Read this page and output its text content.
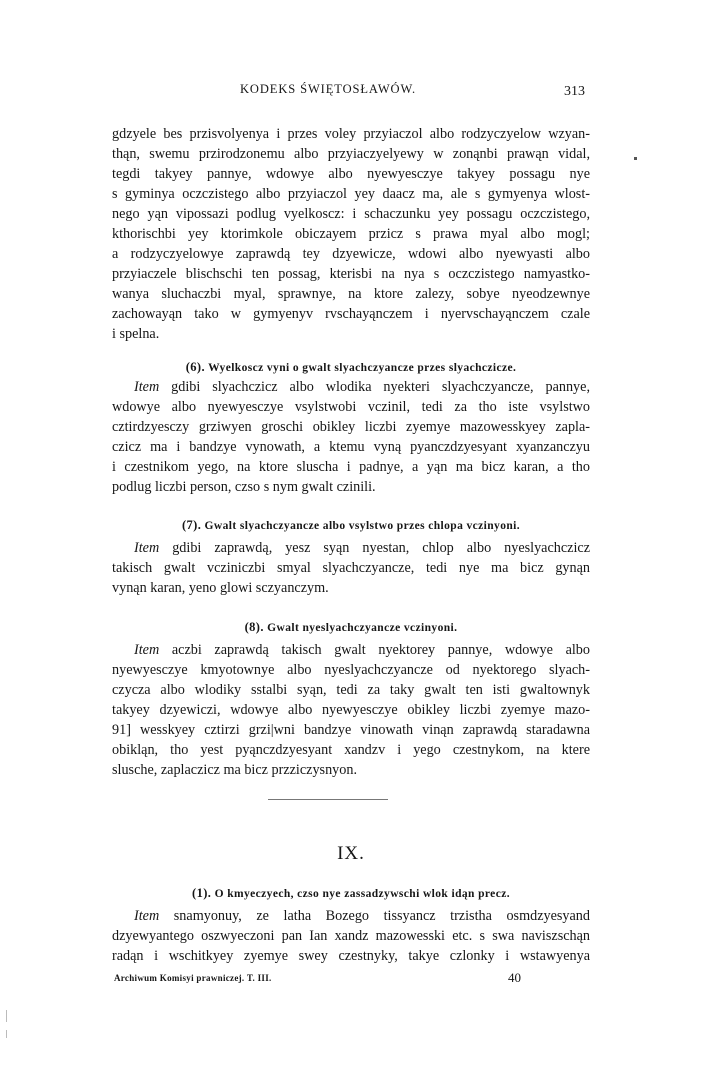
KODEKS ŚWIĘTOSŁAWÓW.	313
gdzyele bes przisvolyenya i przes voley przyiaczol albo rodzyczyelow wzyan-
thąn, swemu przirodzonemu albo przyiaczyelyewy w zonąnbi prawąn vidal,
tegdi takyey pannye, wdowye albo nyewyesczye takyey possagu nye
s gyminya oczczistego albo przyiaczol yey daacz ma, ale s gymyenya wlost-
nego yąn vipossazi podlug vyelkoscz: i schaczunku yey possagu oczczistego,
kthorischbi yey ktorimkole obiczayem przicz s prawa myal albo mogl;
a rodzyczyelowye zaprawdą tey dzyewicze, wdowi albo nyewyasti albo
przyiaczele blischschi ten possag, kterisbi na nya s oczczistego namyastko-
wanya sluchaczbi myal, sprawnye, na ktore zalezy, sobye nyeodzewnye
zachowayąn tako w gymyenyv rvschayąnczem i nyervschayąnczem czale
i spelna.
(6). Wyelkoscz vyni o gwalt slyachczyancze przes slyachczicze.
Item gdibi slyachczicz albo wlodika nyekteri slyachczyancze, pannye,
wdowye albo nyewyesczye vsylstwobi vczinil, tedi za tho iste vsylstwo
cztirdzyesczy grziwyen groschi obikley liczbi zyemye mazowesskyey zapla-
czicz ma i bandzye vynowath, a ktemu vyną pyanczdzyesyant xyanzanczyu
i czestnikom yego, na ktore sluscha i padnye, a yąn ma bicz karan, a tho
podlug liczbi person, czso s nym gwalt czinili.
(7). Gwalt slyachczyancze albo vsylstwo przes chlopa vczinyoni.
Item gdibi zaprawdą, yesz syąn nyestan, chlop albo nyeslyachczicz
takisch gwalt vcziniczbi smyal slyachczyancze, tedi nye ma bicz gynąn
vynąn karan, yeno glowi sczyanczym.
(8). Gwalt nyeslyachczyancze vczinyoni.
Item aczbi zaprawdą takisch gwalt nyektorey pannye, wdowye albo
nyewyesczye kmyotownye albo nyeslyachczyancze od nyektorego slyach-
czycza albo wlodiky sstalbi syąn, tedi za taky gwalt ten isti gwaltownyk
takyey dzyewiczi, wdowye albo nyewyesczye obikley liczbi zyemye mazo-
91] wesskyey cztirzi grzi|wni bandzye vinowath vinąn zaprawdą staradawna
obikląn, tho yest pyąnczdzyesyant xandzv i yego czestnykom, na ktere
slusche, zaplaczicz ma bicz przziczysnyon.
IX.
(1). O kmyeczyech, czso nye zassadzywschi wlok idąn precz.
Item snamyonuy, ze latha Bozego tissyancz trzistha osmdzyesyand
dzyewyantego oszwyeczoni pan Ian xandz mazowesski etc. s swa naviszschąn
radąn i wschitkyey zyemye swey czestnyky, takye czlonky i wstawyenya
Archiwum Komisyi prawniczej. T. III.	40
